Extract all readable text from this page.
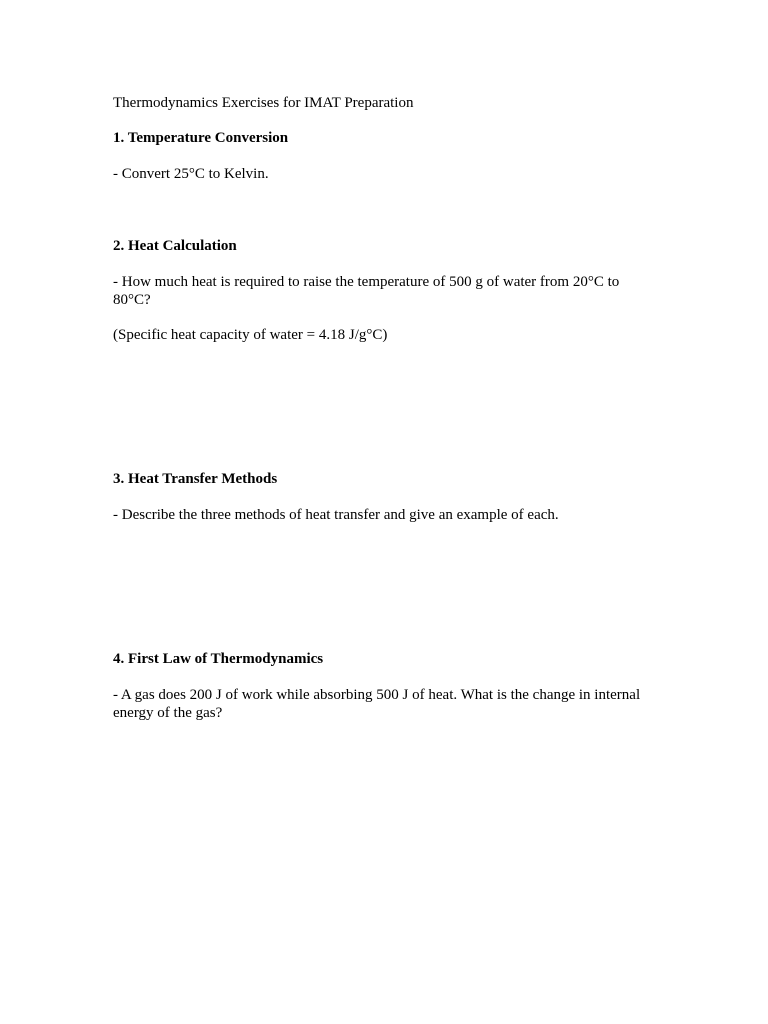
Thermodynamics Exercises for IMAT Preparation

1. Temperature Conversion

- Convert 25°C to Kelvin.

2. Heat Calculation

- How much heat is required to raise the temperature of 500 g of water from 20°C to 80°C?

(Specific heat capacity of water = 4.18 J/g°C)

3. Heat Transfer Methods

- Describe the three methods of heat transfer and give an example of each.

4. First Law of Thermodynamics

- A gas does 200 J of work while absorbing 500 J of heat. What is the change in internal energy of the gas?
